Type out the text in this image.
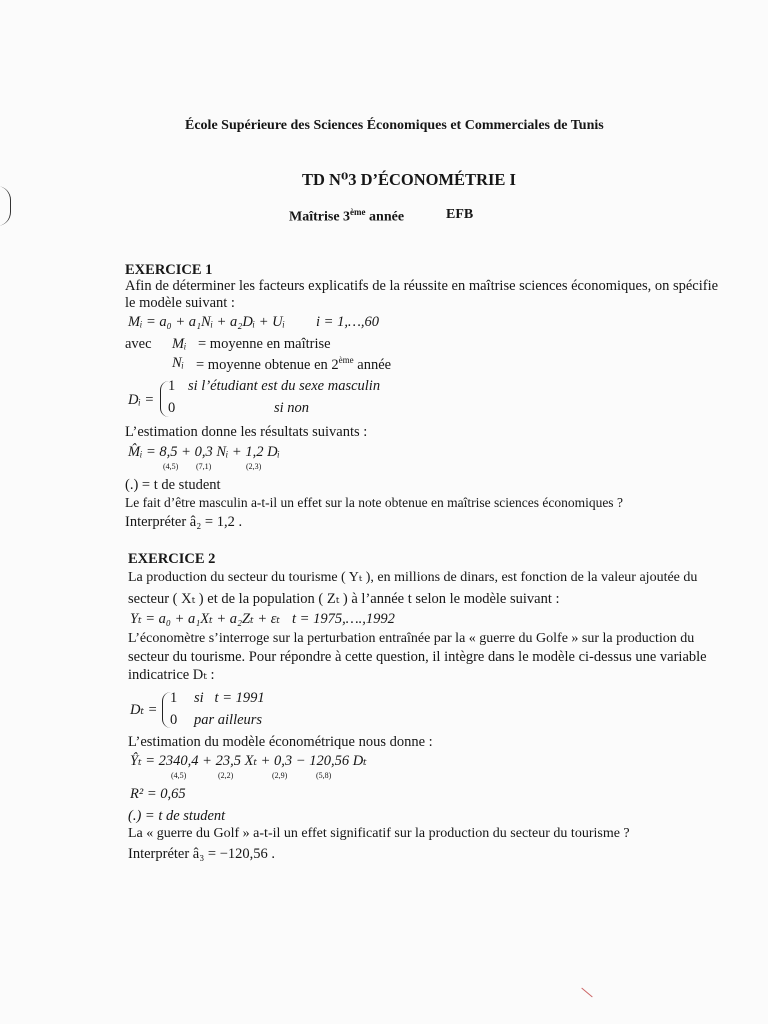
École Supérieure des Sciences Économiques et Commerciales de Tunis
TD N⁰3 D’ÉCONOMÉTRIE I
Maîtrise 3ème année	EFB
EXERCICE 1
Afin de déterminer les facteurs explicatifs de la réussite en maîtrise sciences économiques, on spécifie
le modèle suivant :
Mᵢ = a₀ + a₁Nᵢ + a₂Dᵢ + Uᵢ i = 1,…,60
avec Mᵢ = moyenne en maîtrise
Nᵢ = moyenne obtenue en 2ème année
Dᵢ =
1 si l’étudiant est du sexe masculin
0	si non
L’estimation donne les résultats suivants :
M̂ᵢ = 8,5 + 0,3 Nᵢ + 1,2 Dᵢ
(4,5) (7,1)	(2,3)
(.) = t de student
Le fait d’être masculin a-t-il un effet sur la note obtenue en maîtrise sciences économiques ?
Interpréter â₂ = 1,2 .
EXERCICE 2
La production du secteur du tourisme ( Yₜ ), en millions de dinars, est fonction de la valeur ajoutée du
secteur ( Xₜ ) et de la population ( Zₜ ) à l’année t selon le modèle suivant :
Yₜ = a₀ + a₁Xₜ + a₂Zₜ + εₜ t = 1975,….,1992
L’économètre s’interroge sur la perturbation entraînée par la « guerre du Golfe » sur la production du
secteur du tourisme. Pour répondre à cette question, il intègre dans le modèle ci-dessus une variable
indicatrice Dₜ :
Dₜ =
1 si   t = 1991
0 par ailleurs
L’estimation du modèle économétrique nous donne :
Ŷₜ = 2340,4 + 23,5 Xₜ + 0,3 − 120,56 Dₜ
(4,5)	(2,2)	(2,9)	(5,8)
R² = 0,65
(.) = t de student
La « guerre du Golf » a-t-il un effet significatif sur la production du secteur du tourisme ?
Interpréter â₃ = −120,56 .
